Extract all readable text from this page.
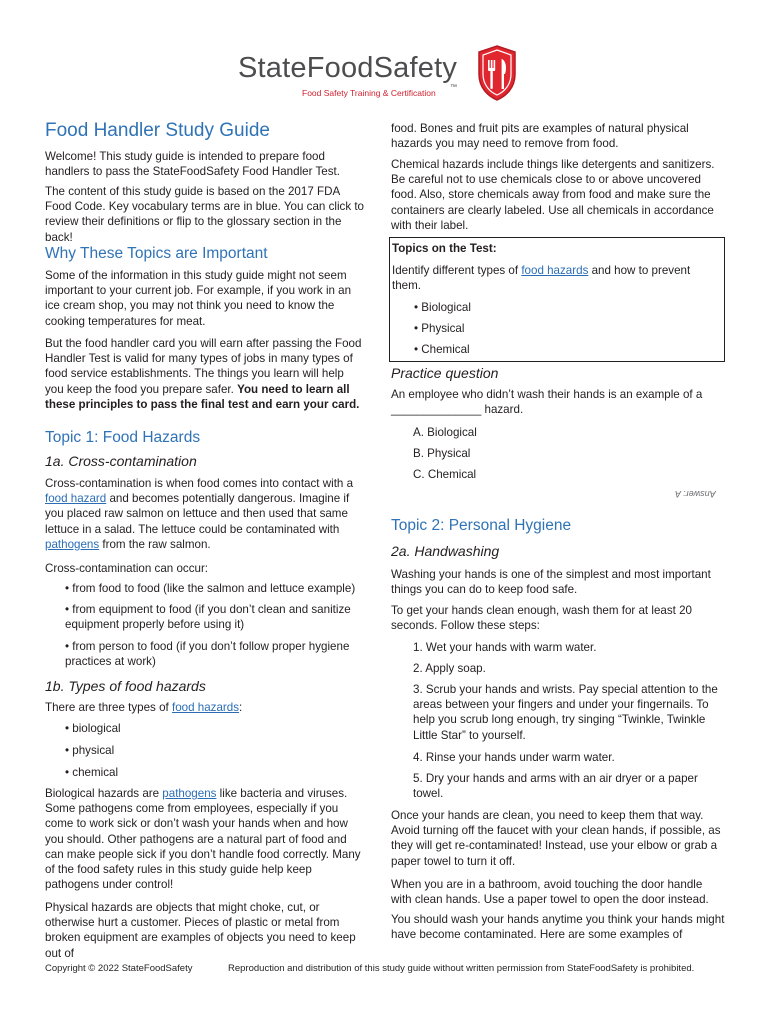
StateFoodSafety
Food Safety Training & Certification
™
Food Handler Study Guide

Welcome! This study guide is intended to prepare food handlers to pass the StateFoodSafety Food Handler Test.

The content of this study guide is based on the 2017 FDA Food Code. Key vocabulary terms are in blue. You can click to review their definitions or flip to the glossary section in the back!

Why These Topics are Important

Some of the information in this study guide might not seem important to your current job. For example, if you work in an ice cream shop, you may not think you need to know the cooking temperatures for meat.

But the food handler card you will earn after passing the Food Handler Test is valid for many types of jobs in many types of food service establishments. The things you learn will help you keep the food you prepare safer. You need to learn all these principles to pass the final test and earn your card.

Topic 1: Food Hazards
1a. Cross-contamination

Cross-contamination is when food comes into contact with a food hazard and becomes potentially dangerous. Imagine if you placed raw salmon on lettuce and then used that same lettuce in a salad. The lettuce could be contaminated with pathogens from the raw salmon.

Cross-contamination can occur:

• from food to food (like the salmon and lettuce example)

• from equipment to food (if you don’t clean and sanitize equipment properly before using it)

• from person to food (if you don’t follow proper hygiene practices at work)

1b. Types of food hazards

There are three types of food hazards:

• biological

• physical

• chemical

Biological hazards are pathogens like bacteria and viruses. Some pathogens come from employees, especially if you come to work sick or don’t wash your hands when and how you should. Other pathogens are a natural part of food and can make people sick if you don’t handle food correctly. Many of the food safety rules in this study guide help keep pathogens under control!

Physical hazards are objects that might choke, cut, or otherwise hurt a customer. Pieces of plastic or metal from broken equipment are examples of objects you need to keep out of

food. Bones and fruit pits are examples of natural physical hazards you may need to remove from food.

Chemical hazards include things like detergents and sanitizers. Be careful not to use chemicals close to or above uncovered food. Also, store chemicals away from food and make sure the containers are clearly labeled. Use all chemicals in accordance with their label.

Topics on the Test:

Identify different types of food hazards and how to prevent them.

• Biological

• Physical

• Chemical

Practice question

An employee who didn’t wash their hands is an example of a ______________ hazard.

A. Biological

B. Physical

C. Chemical

Answer: A
Topic 2: Personal Hygiene
2a. Handwashing

Washing your hands is one of the simplest and most important things you can do to keep food safe.

To get your hands clean enough, wash them for at least 20 seconds. Follow these steps:

1. Wet your hands with warm water.

2. Apply soap.

3. Scrub your hands and wrists. Pay special attention to the areas between your fingers and under your fingernails. To help you scrub long enough, try singing “Twinkle, Twinkle Little Star” to yourself.

4. Rinse your hands under warm water.

5. Dry your hands and arms with an air dryer or a paper towel.

Once your hands are clean, you need to keep them that way. Avoid turning off the faucet with your clean hands, if possible, as they will get re-contaminated! Instead, use your elbow or grab a paper towel to turn it off.

When you are in a bathroom, avoid touching the door handle with clean hands. Use a paper towel to open the door instead.

You should wash your hands anytime you think your hands might have become contaminated. Here are some examples of

Copyright © 2022 StateFoodSafety	Reproduction and distribution of this study guide without written permission from StateFoodSafety is prohibited.
